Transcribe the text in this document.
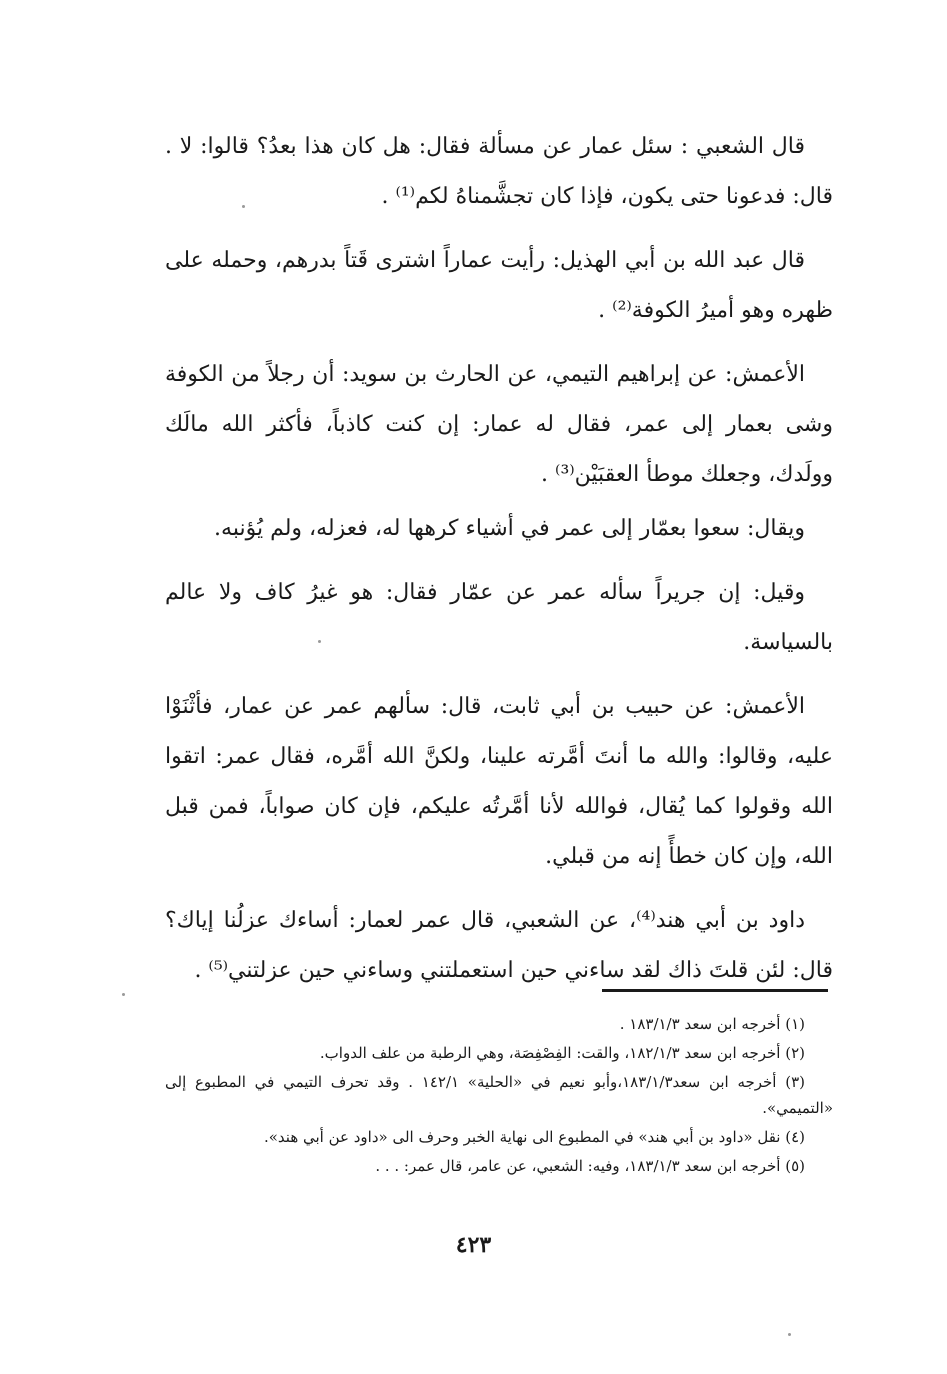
قال الشعبي : سئل عمار عن مسألة فقال: هل كان هذا بعدُ؟ قالوا: لا . قال: فدعونا حتى يكون، فإذا كان تجشَّمناهُ لكم⁽¹⁾ .

قال عبد الله بن أبي الهذيل: رأيت عماراً اشترى قَتاً بدرهم، وحمله على ظهره وهو أميرُ الكوفة⁽²⁾ .

الأعمش: عن إبراهيم التيمي، عن الحارث بن سويد: أن رجلاً من الكوفة وشى بعمار إلى عمر، فقال له عمار: إن كنت كاذباً، فأكثر الله مالَك وولَدك، وجعلك موطأ العقبَيْن⁽³⁾ .

ويقال: سعوا بعمّار إلى عمر في أشياء كرهها له، فعزله، ولم يُؤنبه.

وقيل: إن جريراً سأله عمر عن عمّار فقال: هو غيرُ كاف ولا عالم بالسياسة.

الأعمش: عن حبيب بن أبي ثابت، قال: سألهم عمر عن عمار، فأثْنَوْا عليه، وقالوا: والله ما أنتَ أمَّرته علينا، ولكنَّ الله أمَّره، فقال عمر: اتقوا الله وقولوا كما يُقال، فوالله لأنا أمَّرتُه عليكم، فإن كان صواباً، فمن قبل الله، وإن كان خطأً إنه من قبلي.

داود بن أبي هند⁽⁴⁾، عن الشعبي، قال عمر لعمار: أساءك عزلُنا إياك؟ قال: لئن قلتَ ذاك لقد ساءني حين استعملتني وساءني حين عزلتني⁽⁵⁾ .

(١) أخرجه ابن سعد ١٨٣/١/٣ .

(٢) أخرجه ابن سعد ١٨٢/١/٣، والقت: الفِصْفِصَة، وهي الرطبة من علف الدواب.

(٣) أخرجه ابن سعد١٨٣/١/٣،وأبو نعيم في «الحلية» ١٤٢/١ . وقد تحرف التيمي في المطبوع إلى «التميمي».

(٤) نقل «داود بن أبي هند» في المطبوع الى نهاية الخبر وحرف الى «داود عن أبي هند».

(٥) أخرجه ابن سعد ١٨٣/١/٣، وفيه: الشعبي، عن عامر، قال عمر: . . .

٤٢٣
